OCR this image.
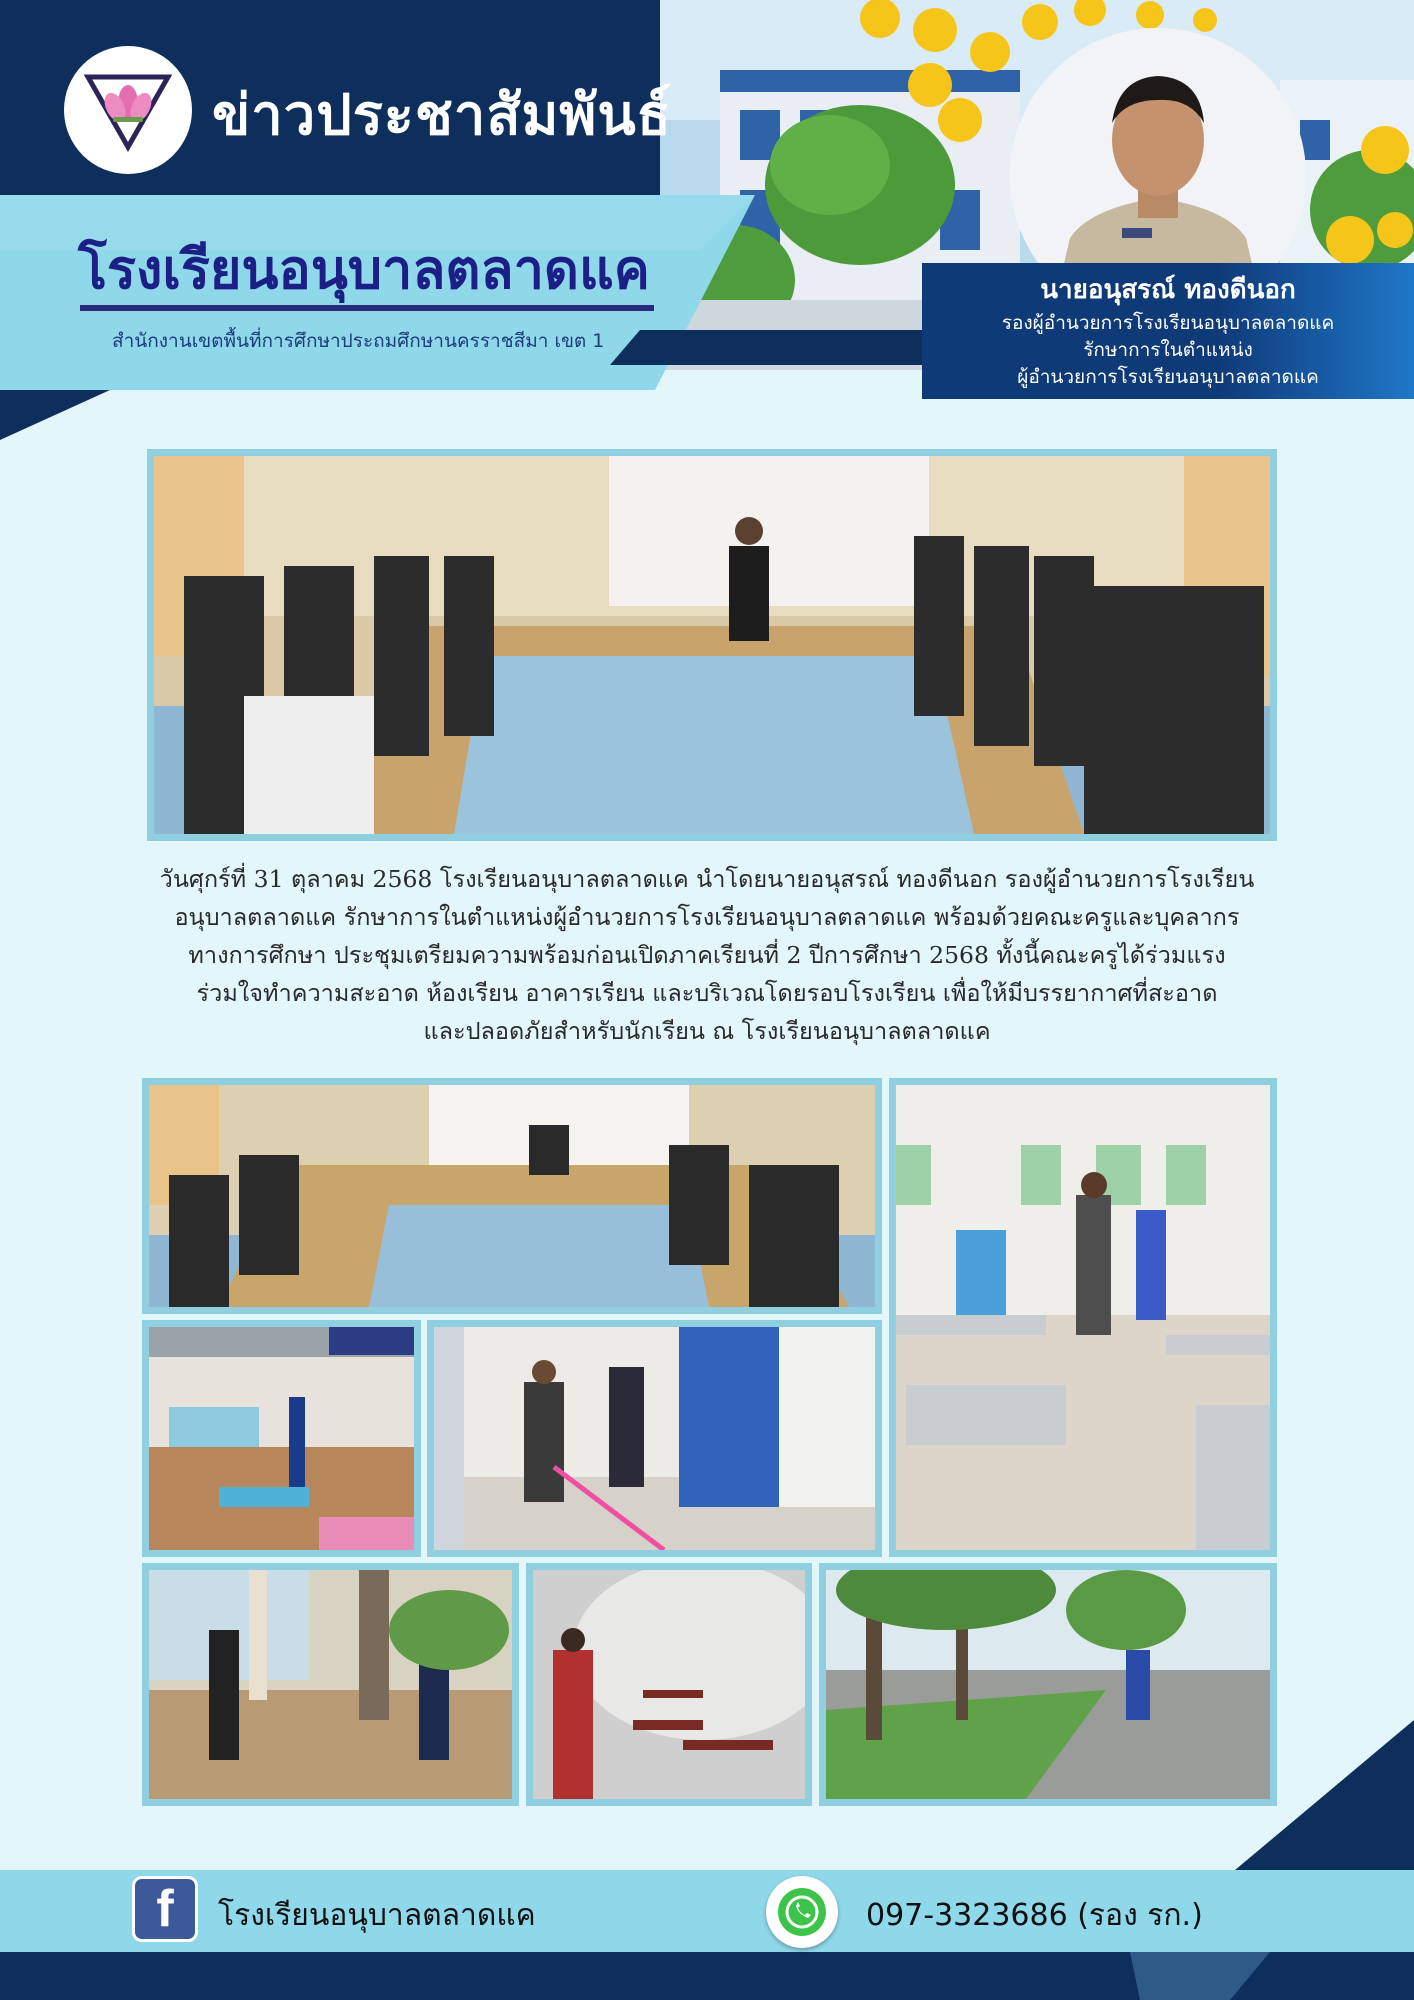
ข่าวประชาสัมพันธ์
โรงเรียนอนุบาลตลาดแค
สำนักงานเขตพื้นที่การศึกษาประถมศึกษานครราชสีมา เขต 1
นายอนุสรณ์ ทองดีนอก
รองผู้อำนวยการโรงเรียนอนุบาลตลาดแค
รักษาการในตำแหน่ง
ผู้อำนวยการโรงเรียนอนุบาลตลาดแค
วันศุกร์ที่ 31 ตุลาคม 2568 โรงเรียนอนุบาลตลาดแค นำโดยนายอนุสรณ์ ทองดีนอก รองผู้อำนวยการโรงเรียน
อนุบาลตลาดแค รักษาการในตำแหน่งผู้อำนวยการโรงเรียนอนุบาลตลาดแค พร้อมด้วยคณะครูและบุคลากร
ทางการศึกษา ประชุมเตรียมความพร้อมก่อนเปิดภาคเรียนที่ 2 ปีการศึกษา 2568 ทั้งนี้คณะครูได้ร่วมแรง
ร่วมใจทำความสะอาด ห้องเรียน อาคารเรียน และบริเวณโดยรอบโรงเรียน เพื่อให้มีบรรยากาศที่สะอาด
และปลอดภัยสำหรับนักเรียน ณ โรงเรียนอนุบาลตลาดแค
f	โรงเรียนอนุบาลตลาดแค	097-3323686 (รอง รก.)
